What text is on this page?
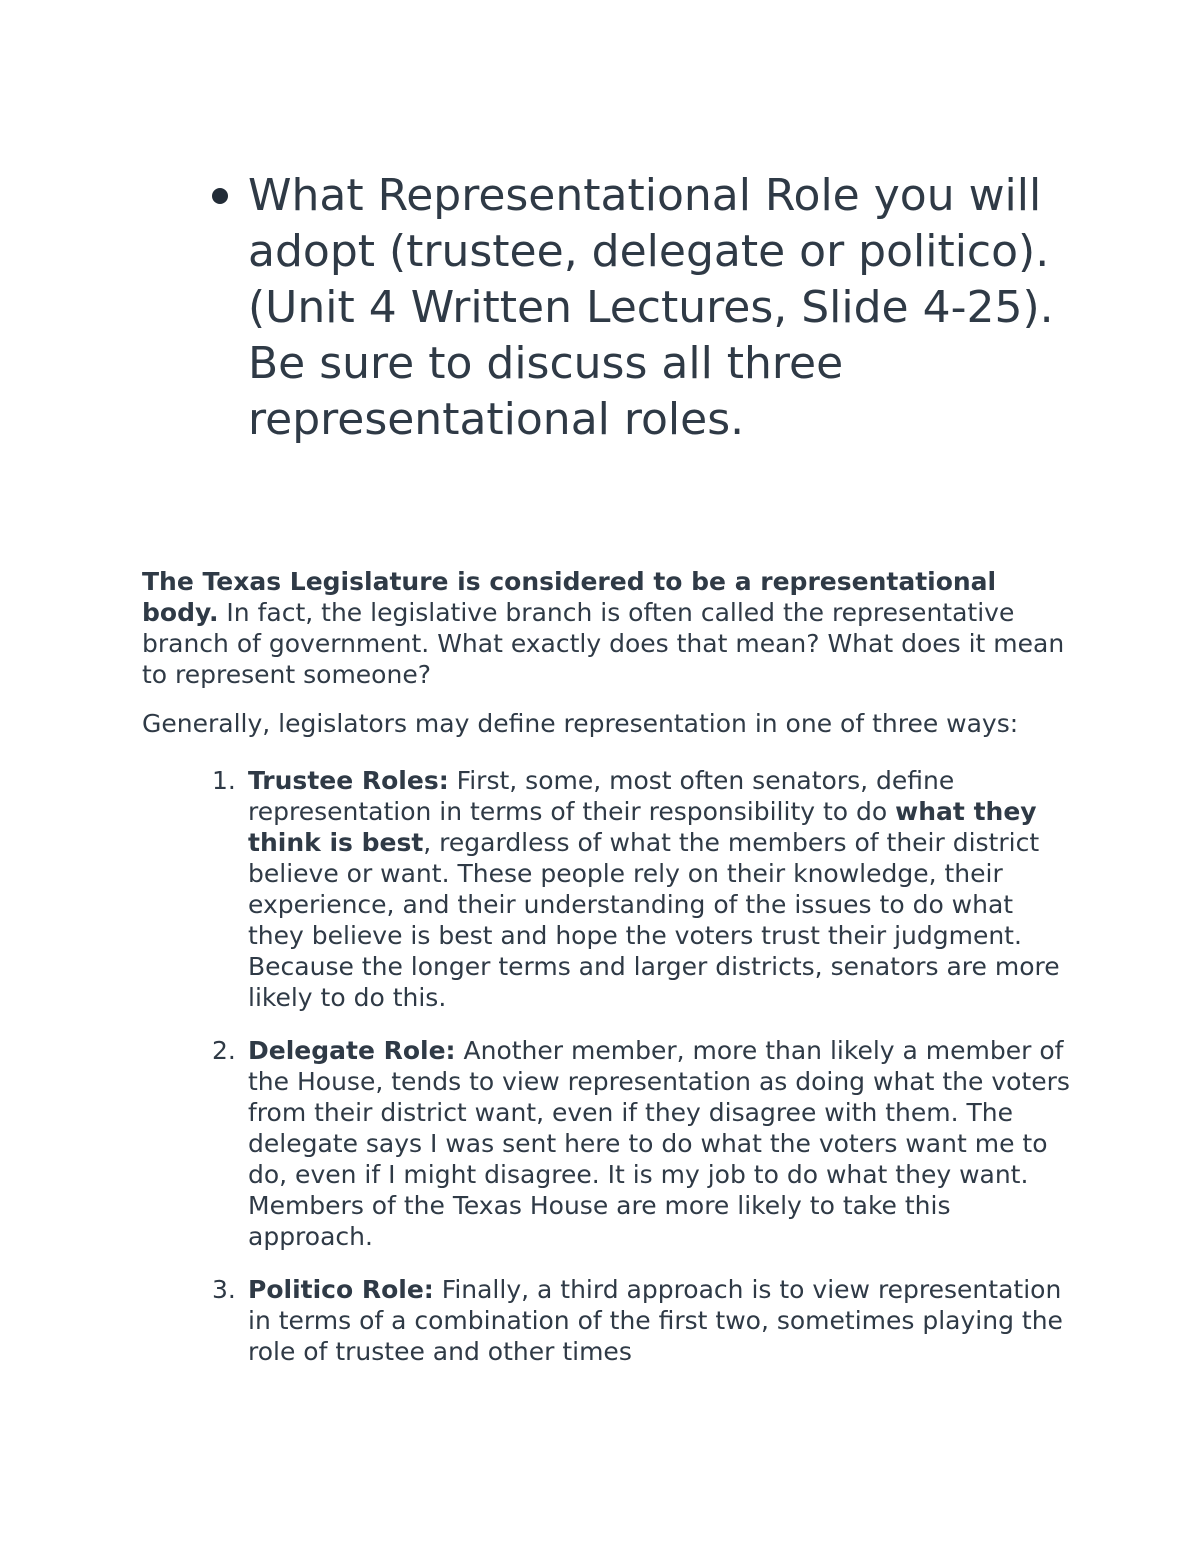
What Representational Role you will adopt (trustee, delegate or politico). (Unit 4 Written Lectures, Slide 4-25). Be sure to discuss all three representational roles.

The Texas Legislature is considered to be a representational body. In fact, the legislative branch is often called the representative branch of government. What exactly does that mean? What does it mean to represent someone?

Generally, legislators may define representation in one of three ways:

1. Trustee Roles: First, some, most often senators, define representation in terms of their responsibility to do what they think is best, regardless of what the members of their district believe or want. These people rely on their knowledge, their experience, and their understanding of the issues to do what they believe is best and hope the voters trust their judgment. Because the longer terms and larger districts, senators are more likely to do this.
2. Delegate Role: Another member, more than likely a member of the House, tends to view representation as doing what the voters from their district want, even if they disagree with them. The delegate says I was sent here to do what the voters want me to do, even if I might disagree. It is my job to do what they want. Members of the Texas House are more likely to take this approach.
3. Politico Role: Finally, a third approach is to view representation in terms of a combination of the first two, sometimes playing the role of trustee and other times
